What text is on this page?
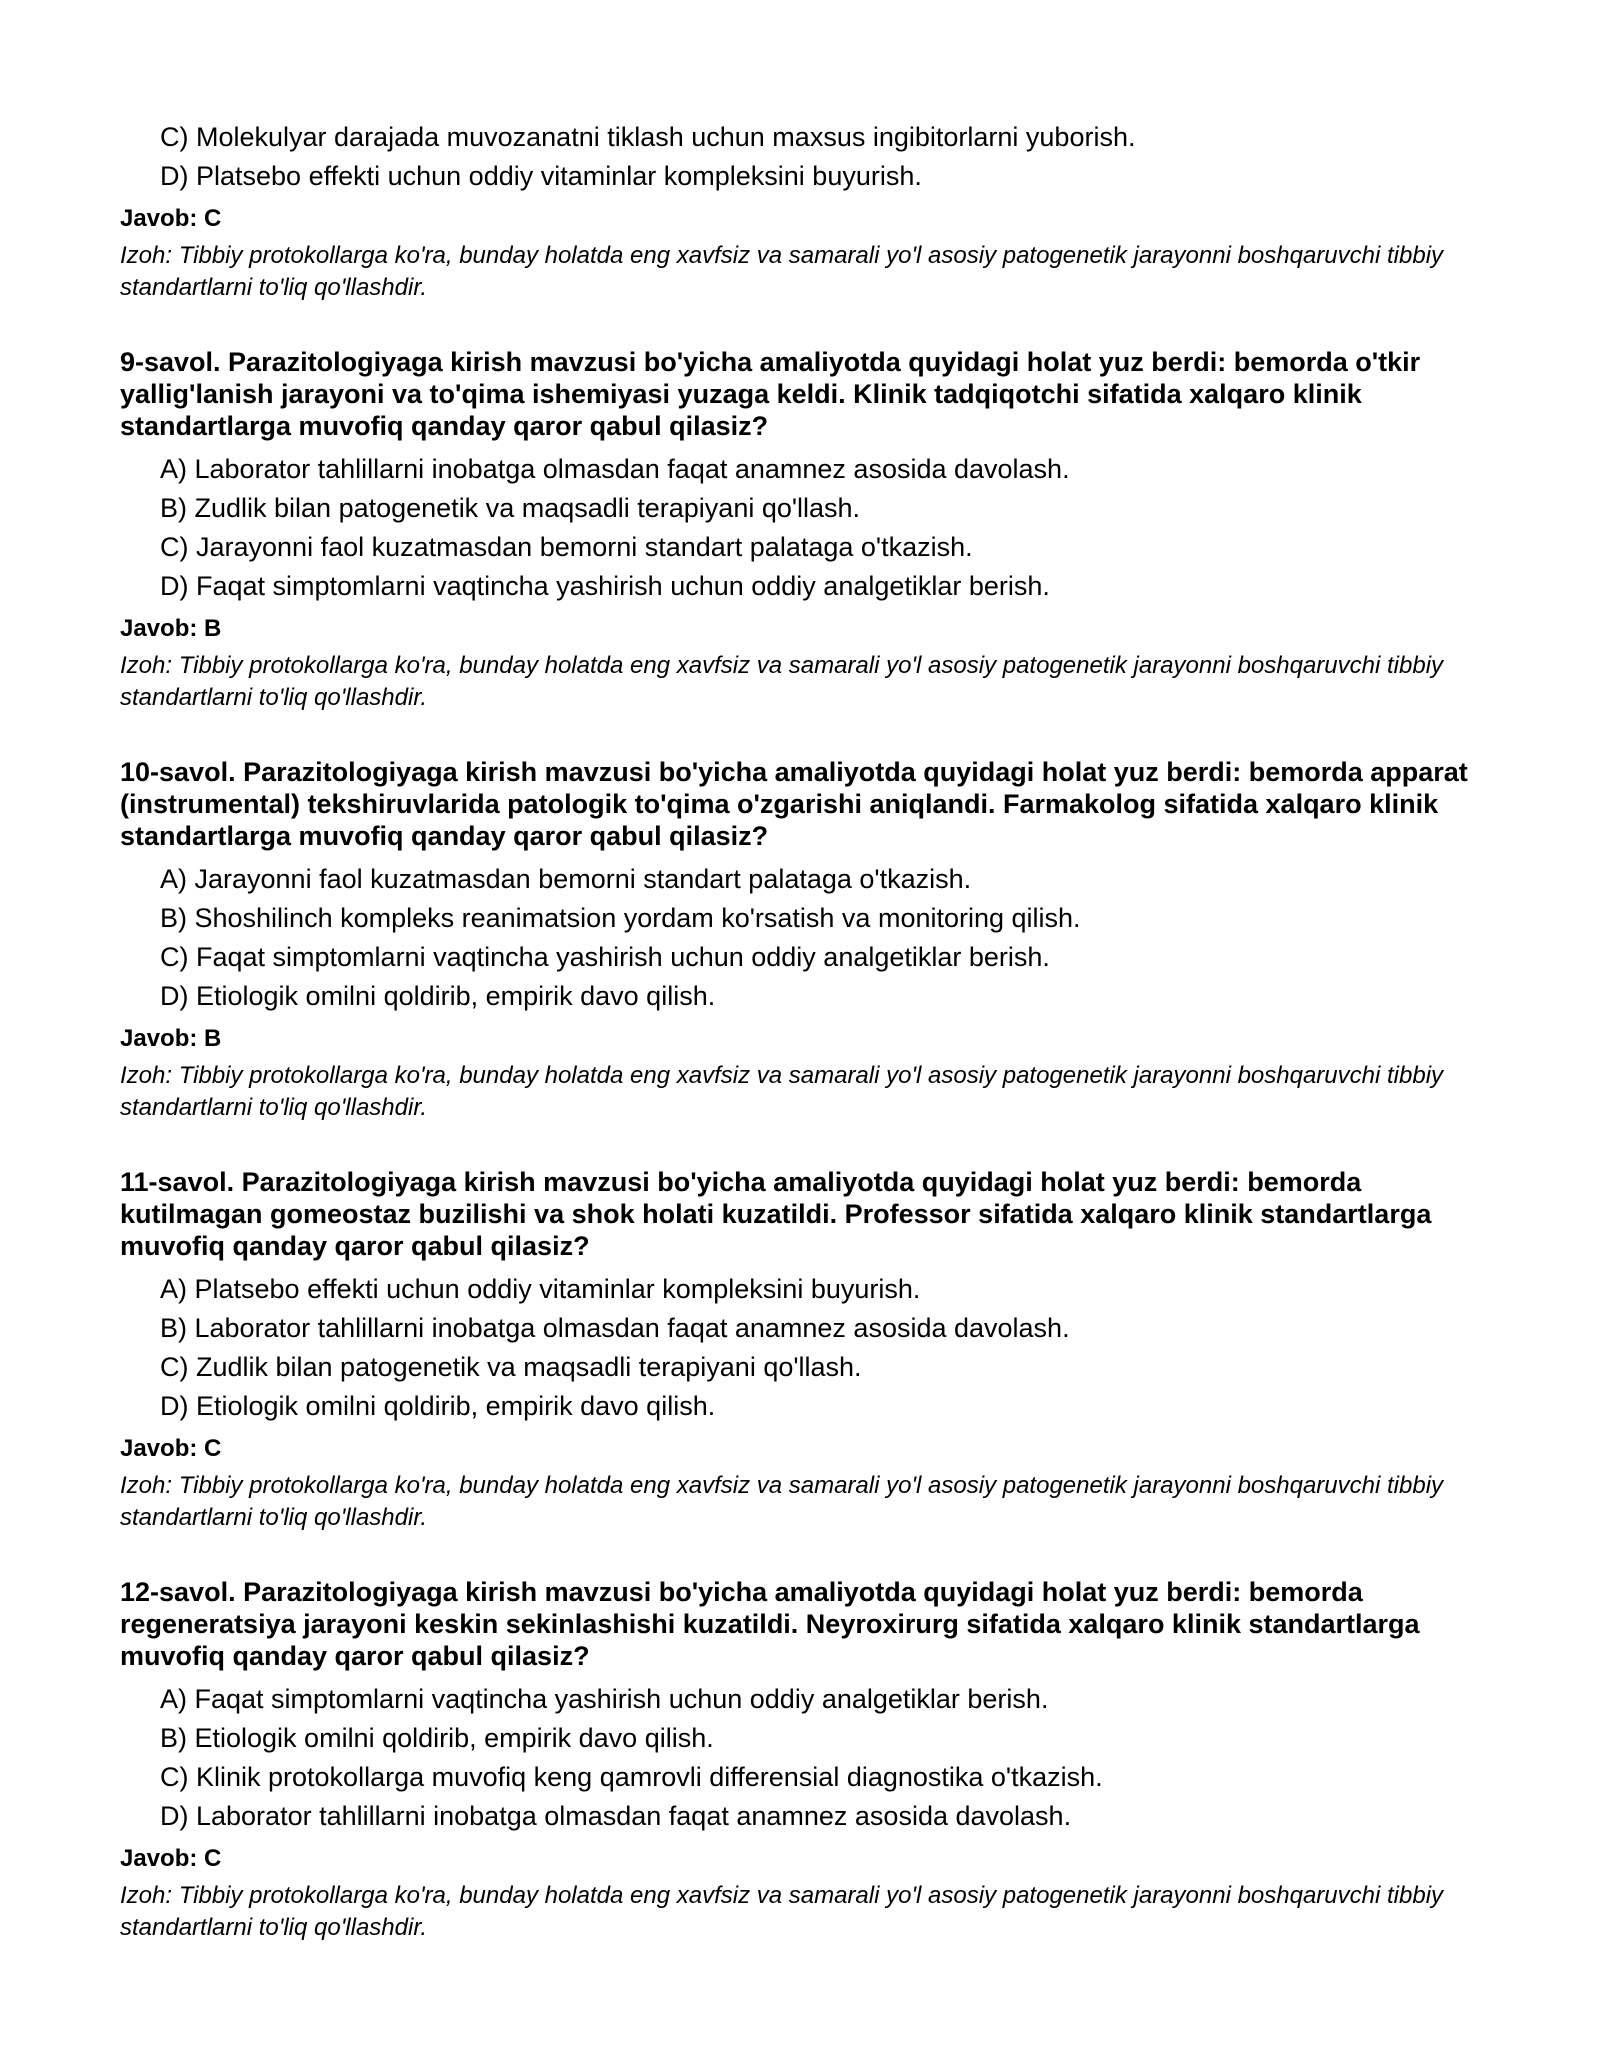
C) Molekulyar darajada muvozanatni tiklash uchun maxsus ingibitorlarni yuborish.
D) Platsebo effekti uchun oddiy vitaminlar kompleksini buyurish.
Javob: C
Izoh: Tibbiy protokollarga ko'ra, bunday holatda eng xavfsiz va samarali yo'l asosiy patogenetik jarayonni boshqaruvchi tibbiy standartlarni to'liq qo'llashdir.
9-savol. Parazitologiyaga kirish mavzusi bo'yicha amaliyotda quyidagi holat yuz berdi: bemorda o'tkir yallig'lanish jarayoni va to'qima ishemiyasi yuzaga keldi. Klinik tadqiqotchi sifatida xalqaro klinik standartlarga muvofiq qanday qaror qabul qilasiz?
A) Laborator tahlillarni inobatga olmasdan faqat anamnez asosida davolash.
B) Zudlik bilan patogenetik va maqsadli terapiyani qo'llash.
C) Jarayonni faol kuzatmasdan bemorni standart palataga o'tkazish.
D) Faqat simptomlarni vaqtincha yashirish uchun oddiy analgetiklar berish.
Javob: B
Izoh: Tibbiy protokollarga ko'ra, bunday holatda eng xavfsiz va samarali yo'l asosiy patogenetik jarayonni boshqaruvchi tibbiy standartlarni to'liq qo'llashdir.
10-savol. Parazitologiyaga kirish mavzusi bo'yicha amaliyotda quyidagi holat yuz berdi: bemorda apparat (instrumental) tekshiruvlarida patologik to'qima o'zgarishi aniqlandi. Farmakolog sifatida xalqaro klinik standartlarga muvofiq qanday qaror qabul qilasiz?
A) Jarayonni faol kuzatmasdan bemorni standart palataga o'tkazish.
B) Shoshilinch kompleks reanimatsion yordam ko'rsatish va monitoring qilish.
C) Faqat simptomlarni vaqtincha yashirish uchun oddiy analgetiklar berish.
D) Etiologik omilni qoldirib, empirik davo qilish.
Javob: B
Izoh: Tibbiy protokollarga ko'ra, bunday holatda eng xavfsiz va samarali yo'l asosiy patogenetik jarayonni boshqaruvchi tibbiy standartlarni to'liq qo'llashdir.
11-savol. Parazitologiyaga kirish mavzusi bo'yicha amaliyotda quyidagi holat yuz berdi: bemorda kutilmagan gomeostaz buzilishi va shok holati kuzatildi. Professor sifatida xalqaro klinik standartlarga muvofiq qanday qaror qabul qilasiz?
A) Platsebo effekti uchun oddiy vitaminlar kompleksini buyurish.
B) Laborator tahlillarni inobatga olmasdan faqat anamnez asosida davolash.
C) Zudlik bilan patogenetik va maqsadli terapiyani qo'llash.
D) Etiologik omilni qoldirib, empirik davo qilish.
Javob: C
Izoh: Tibbiy protokollarga ko'ra, bunday holatda eng xavfsiz va samarali yo'l asosiy patogenetik jarayonni boshqaruvchi tibbiy standartlarni to'liq qo'llashdir.
12-savol. Parazitologiyaga kirish mavzusi bo'yicha amaliyotda quyidagi holat yuz berdi: bemorda regeneratsiya jarayoni keskin sekinlashishi kuzatildi. Neyroxirurg sifatida xalqaro klinik standartlarga muvofiq qanday qaror qabul qilasiz?
A) Faqat simptomlarni vaqtincha yashirish uchun oddiy analgetiklar berish.
B) Etiologik omilni qoldirib, empirik davo qilish.
C) Klinik protokollarga muvofiq keng qamrovli differensial diagnostika o'tkazish.
D) Laborator tahlillarni inobatga olmasdan faqat anamnez asosida davolash.
Javob: C
Izoh: Tibbiy protokollarga ko'ra, bunday holatda eng xavfsiz va samarali yo'l asosiy patogenetik jarayonni boshqaruvchi tibbiy standartlarni to'liq qo'llashdir.
